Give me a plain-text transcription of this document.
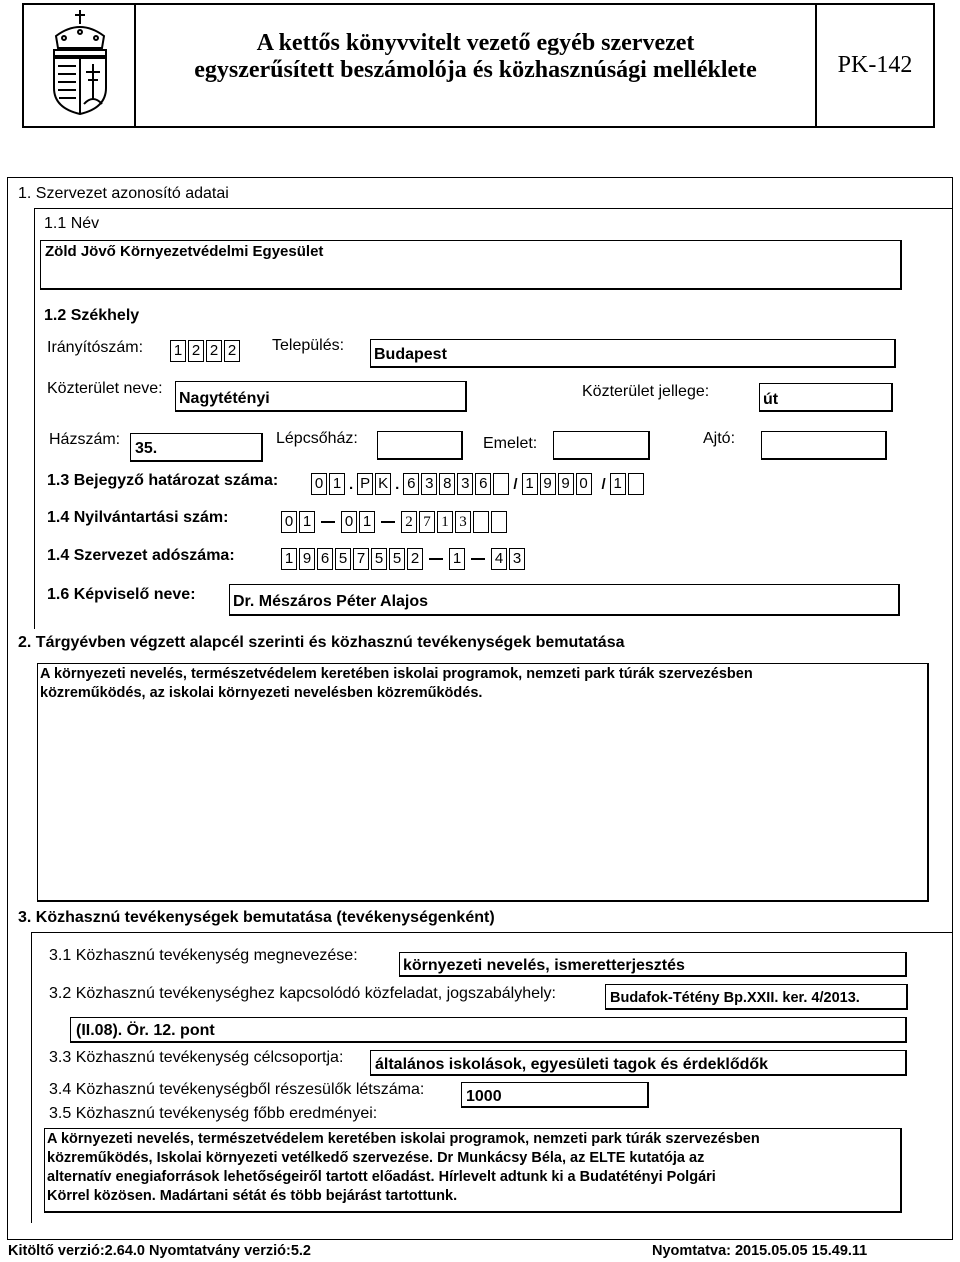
A kettős könyvvitelt vezető egyéb szervezet
egyszerűsített beszámolója és közhasznúsági melléklete	PK-142
1. Szervezet azonosító adatai
1.1 Név
Zöld Jövő Környezetvédelmi Egyesület
1.2 Székhely
Irányítószám: 1 2 2 2 Település:
Budapest
Közterület neve:
Nagytétényi	Közterület jellege:	út
Házszám:
35.
Lépcsőház:	Emelet:	Ajtó:
1.3 Bejegyző határozat száma: 0 1 . P K . 6 3 8 3 6 / 1 9 9 0 / 1
1.4 Nyilvántartási szám:	0 1 0 1 2 7 1 3
1.4 Szervezet adószáma:	1 9 6 5 7 5 5 2 1 4 3
1.6 Képviselő neve: Dr. Mészáros Péter Alajos
2. Tárgyévben végzett alapcél szerinti és közhasznú tevékenységek bemutatása
A környezeti nevelés, természetvédelem keretében iskolai programok, nemzeti park túrák szervezésben
közreműködés, az iskolai környezeti nevelésben közreműködés.
3. Közhasznú tevékenységek bemutatása (tevékenységenként)
3.1 Közhasznú tevékenység megnevezése:
környezeti nevelés, ismeretterjesztés
3.2 Közhasznú tevékenységhez kapcsolódó közfeladat, jogszabályhely:	Budafok-Tétény Bp.XXII. ker. 4/2013.
(II.08). Ör. 12. pont
3.3 Közhasznú tevékenység célcsoportja: általános iskolások, egyesületi tagok és érdeklődők
3.4 Közhasznú tevékenységből részesülők létszáma:	1000
3.5 Közhasznú tevékenység főbb eredményei:
A környezeti nevelés, természetvédelem keretében iskolai programok, nemzeti park túrák szervezésben
közreműködés, Iskolai környezeti vetélkedő szervezése. Dr Munkácsy Béla, az ELTE kutatója az
alternatív enegiaforrások lehetőségeiről tartott előadást. Hírlevelt adtunk ki a Budatétényi Polgári
Körrel közösen. Madártani sétát és több bejárást tartottunk.
Kitöltő verzió:2.64.0 Nyomtatvány verzió:5.2	Nyomtatva: 2015.05.05 15.49.11
